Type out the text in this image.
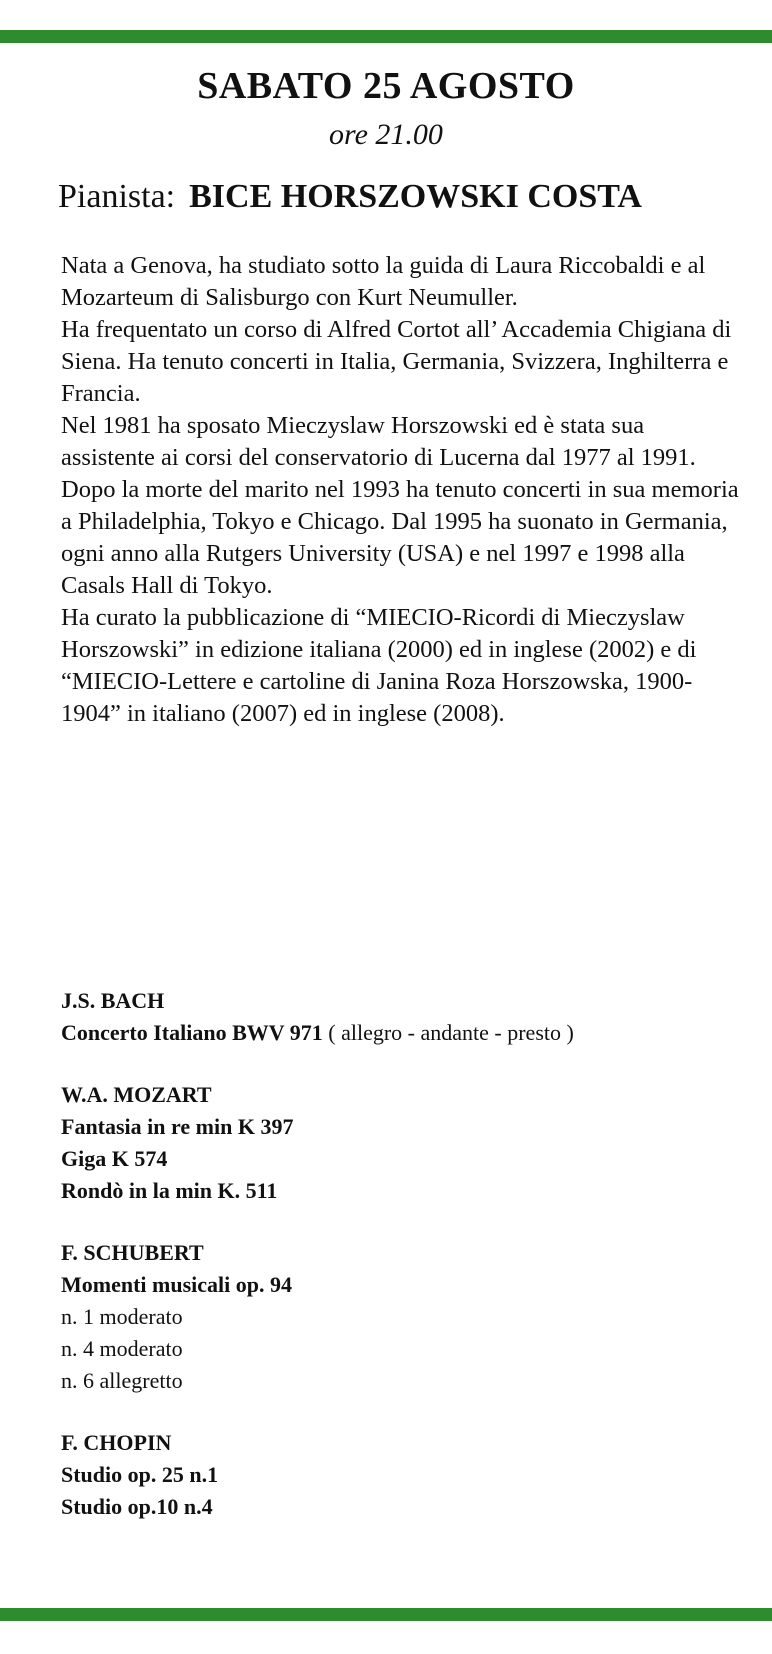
SABATO 25 AGOSTO
ore 21.00
Pianista: BICE HORSZOWSKI COSTA

Nata a Genova, ha studiato sotto la guida di Laura Riccobaldi e al Mozarteum di Salisburgo con Kurt Neumuller.

Ha frequentato un corso di Alfred Cortot all’ Accademia Chigiana di Siena. Ha tenuto concerti in Italia, Germania, Svizzera, Inghilterra e Francia.

Nel 1981 ha sposato Mieczyslaw Horszowski ed è stata sua assistente ai corsi del conservatorio di Lucerna dal 1977 al 1991. Dopo la morte del marito nel 1993 ha tenuto concerti in sua memoria a Philadelphia, Tokyo e Chicago. Dal 1995 ha suonato in Germania, ogni anno alla Rutgers University (USA) e nel 1997 e 1998 alla Casals Hall di Tokyo.

Ha curato la pubblicazione di “MIECIO-Ricordi di Mieczyslaw Horszowski” in edizione italiana (2000) ed in inglese (2002) e di “MIECIO-Lettere e cartoline di Janina Roza Horszowska, 1900-1904” in italiano (2007) ed in inglese (2008).

J.S. BACH
Concerto Italiano BWV 971 ( allegro - andante - presto )
W.A. MOZART
Fantasia in re min K 397
Giga K 574
Rondò in la min K. 511
F. SCHUBERT
Momenti musicali op. 94
n. 1 moderato
n. 4 moderato
n. 6 allegretto
F. CHOPIN
Studio op. 25 n.1
Studio op.10 n.4
